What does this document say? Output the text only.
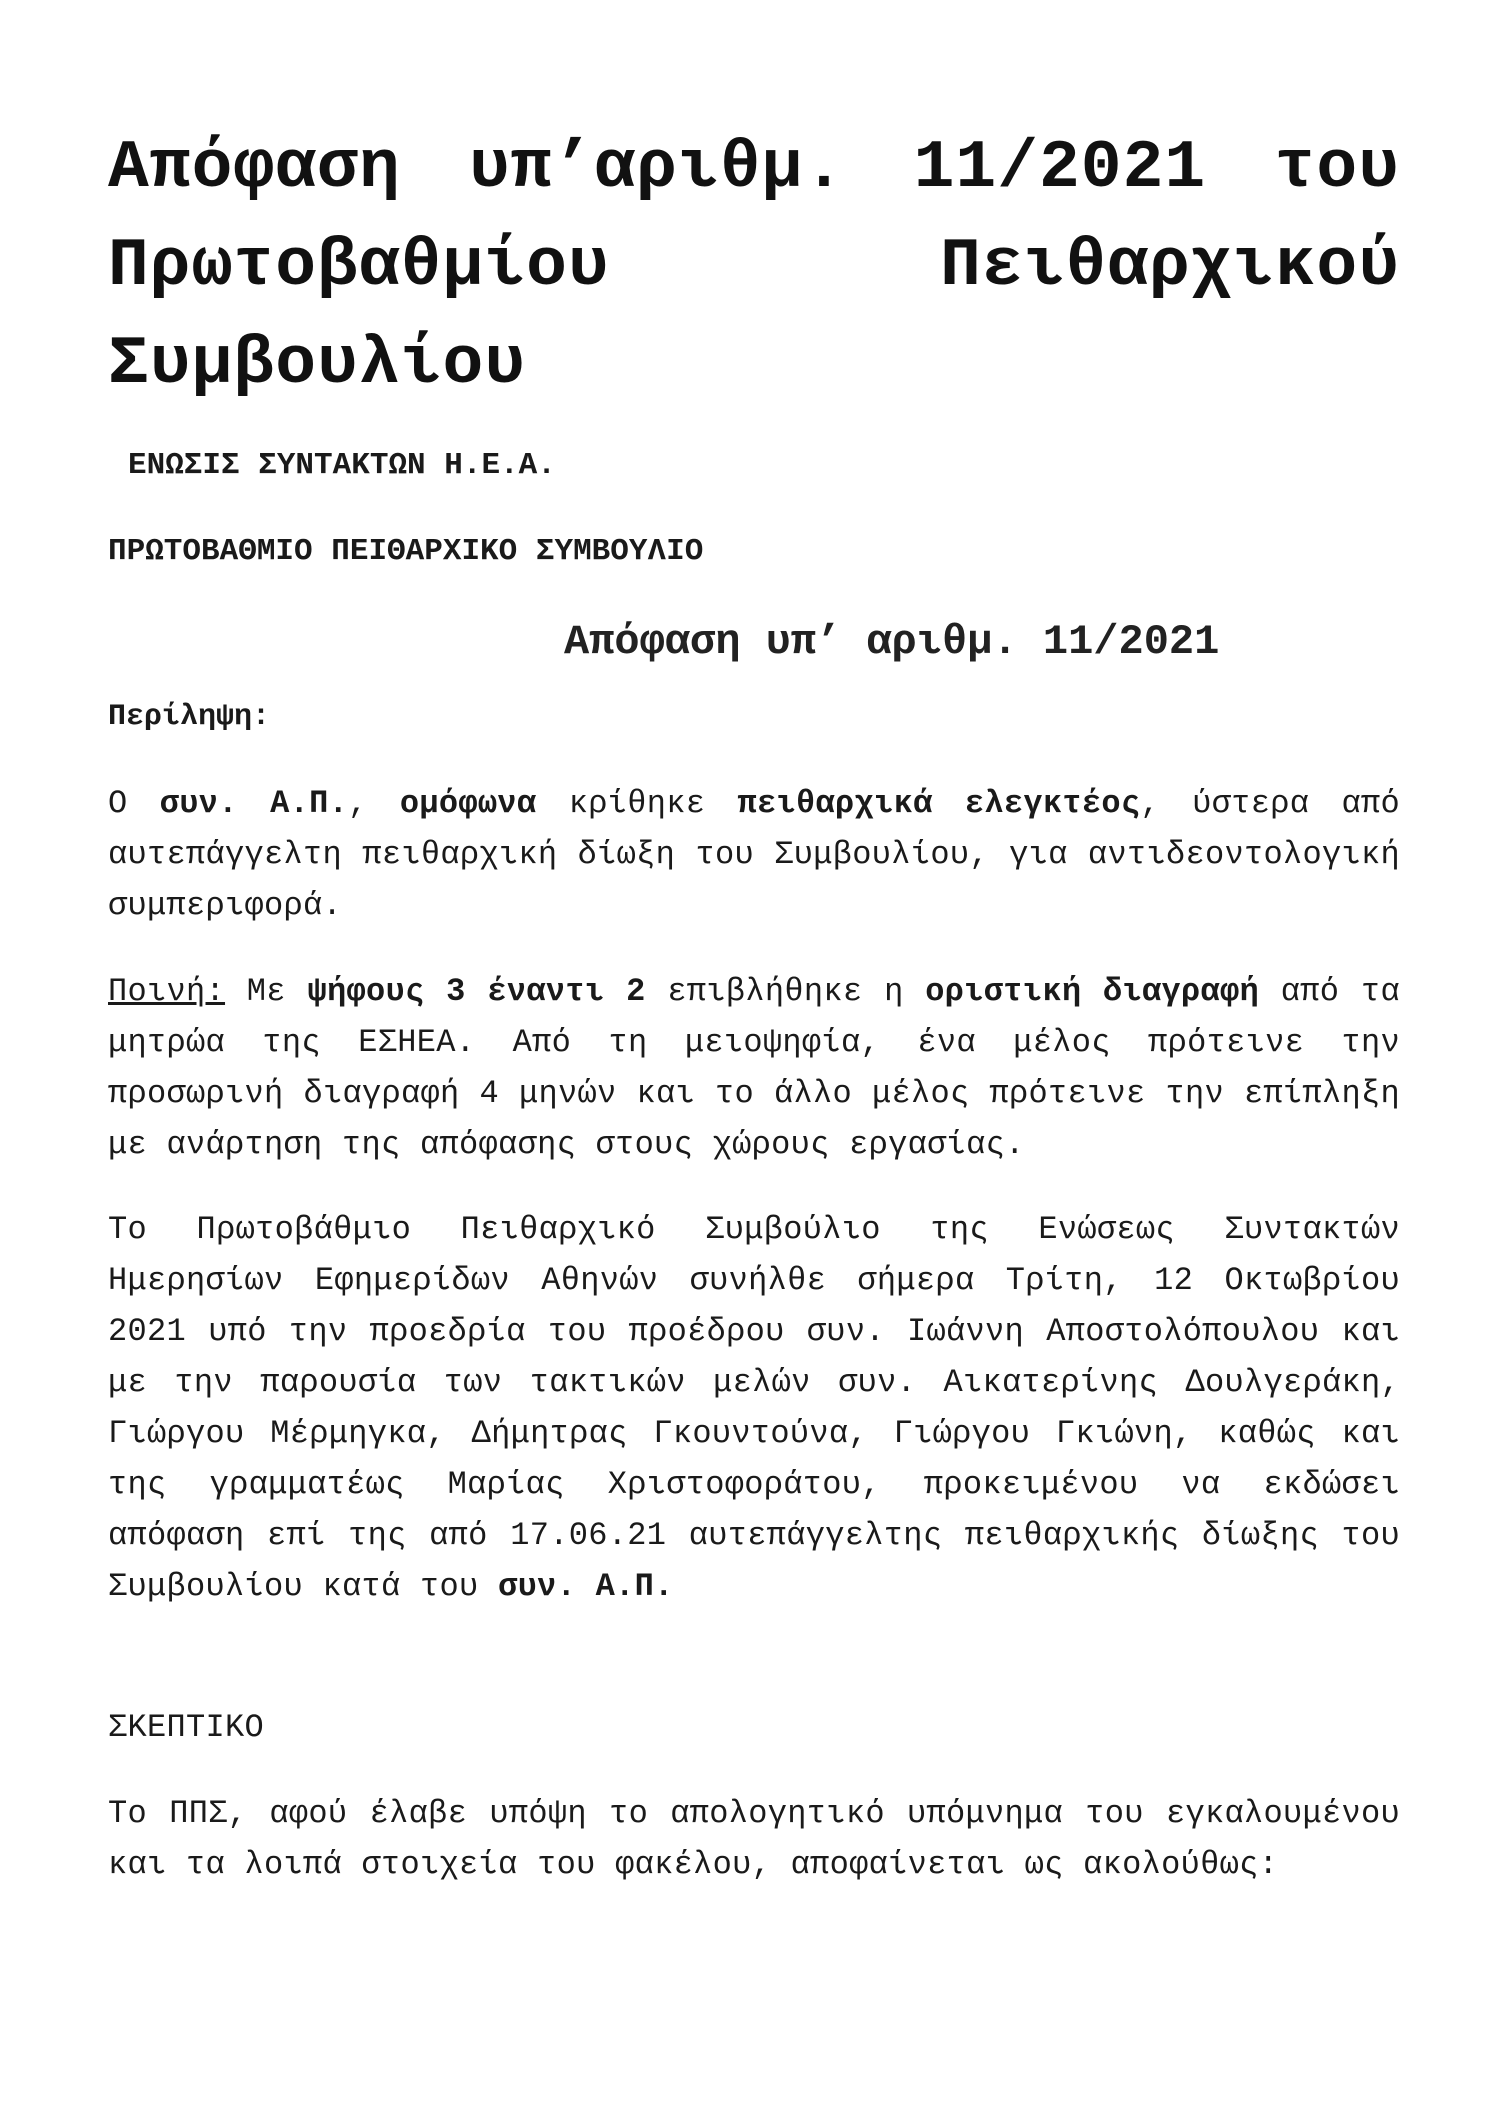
Απόφαση υπ’αριθμ. 11/2021 του Πρωτοβαθμίου Πειθαρχικού Συμβουλίου

ΕΝΩΣΙΣ ΣΥΝΤΑΚΤΩΝ Η.Ε.Α.

ΠΡΩΤΟΒΑΘΜΙΟ ΠΕΙΘΑΡΧΙΚΟ ΣΥΜΒΟΥΛΙΟ

Απόφαση υπ’ αριθμ. 11/2021

Περίληψη:

Ο συν. Α.Π., ομόφωνα κρίθηκε πειθαρχικά ελεγκτέος, ύστερα από αυτεπάγγελτη πειθαρχική δίωξη του Συμβουλίου, για αντιδεοντολογική συμπεριφορά.

Ποινή: Με ψήφους 3 έναντι 2 επιβλήθηκε η οριστική διαγραφή από τα μητρώα της ΕΣΗΕΑ. Από τη μειοψηφία, ένα μέλος πρότεινε την προσωρινή διαγραφή 4 μηνών και το άλλο μέλος πρότεινε την επίπληξη με ανάρτηση της απόφασης στους χώρους εργασίας.

Το Πρωτοβάθμιο Πειθαρχικό Συμβούλιο της Ενώσεως Συντακτών Ημερησίων Εφημερίδων Αθηνών συνήλθε σήμερα Τρίτη, 12 Οκτωβρίου 2021 υπό την προεδρία του προέδρου συν. Ιωάννη Αποστολόπουλου και με την παρουσία των τακτικών μελών συν. Αικατερίνης Δουλγεράκη, Γιώργου Μέρμηγκα, Δήμητρας Γκουντούνα, Γιώργου Γκιώνη, καθώς και της γραμματέως Μαρίας Χριστοφοράτου, προκειμένου να εκδώσει απόφαση επί της από 17.06.21 αυτεπάγγελτης πειθαρχικής δίωξης του Συμβουλίου κατά του συν. Α.Π.

ΣΚΕΠΤΙΚΟ

Το ΠΠΣ, αφού έλαβε υπόψη το απολογητικό υπόμνημα του εγκαλουμένου και τα λοιπά στοιχεία του φακέλου, αποφαίνεται ως ακολούθως:
